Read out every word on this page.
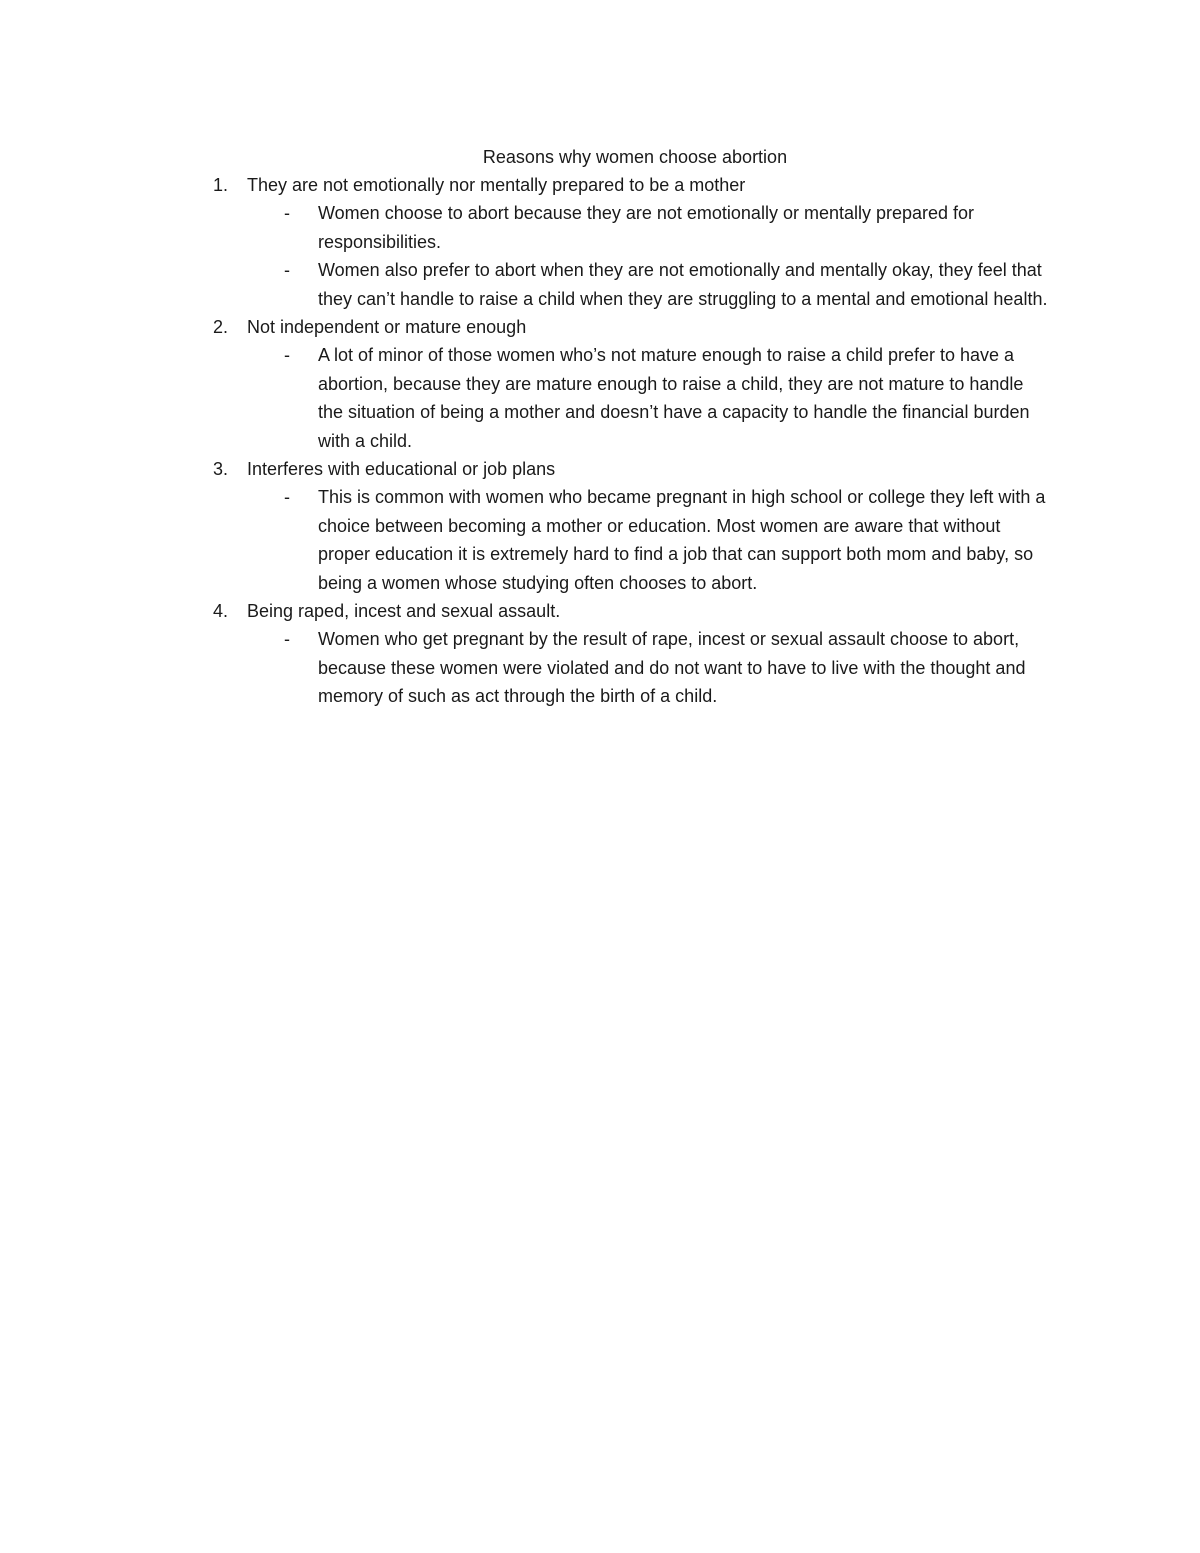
Reasons why women choose abortion
1. They are not emotionally nor mentally prepared to be a mother
- Women choose to abort because they are not emotionally or mentally prepared for responsibilities.
- Women also prefer to abort when they are not emotionally and mentally okay, they feel that they can’t handle to raise a child when they are struggling to a mental and emotional health.
2. Not independent or mature enough
- A lot of minor of those women who’s not mature enough to raise a child prefer to have a abortion, because they are mature enough to raise a child, they are not mature to handle the situation of being a mother and doesn’t have a capacity to handle the financial burden with a child.
3. Interferes with educational or job plans
- This is common with women who became pregnant in high school or college they left with a choice between becoming a mother or education. Most women are aware that without proper education it is extremely hard to find a job that can support both mom and baby, so being a women whose studying often chooses to abort.
4. Being raped, incest and sexual assault.
- Women who get pregnant by the result of rape, incest or sexual assault choose to abort, because these women were violated and do not want to have to live with the thought and memory of such as act through the birth of a child.
